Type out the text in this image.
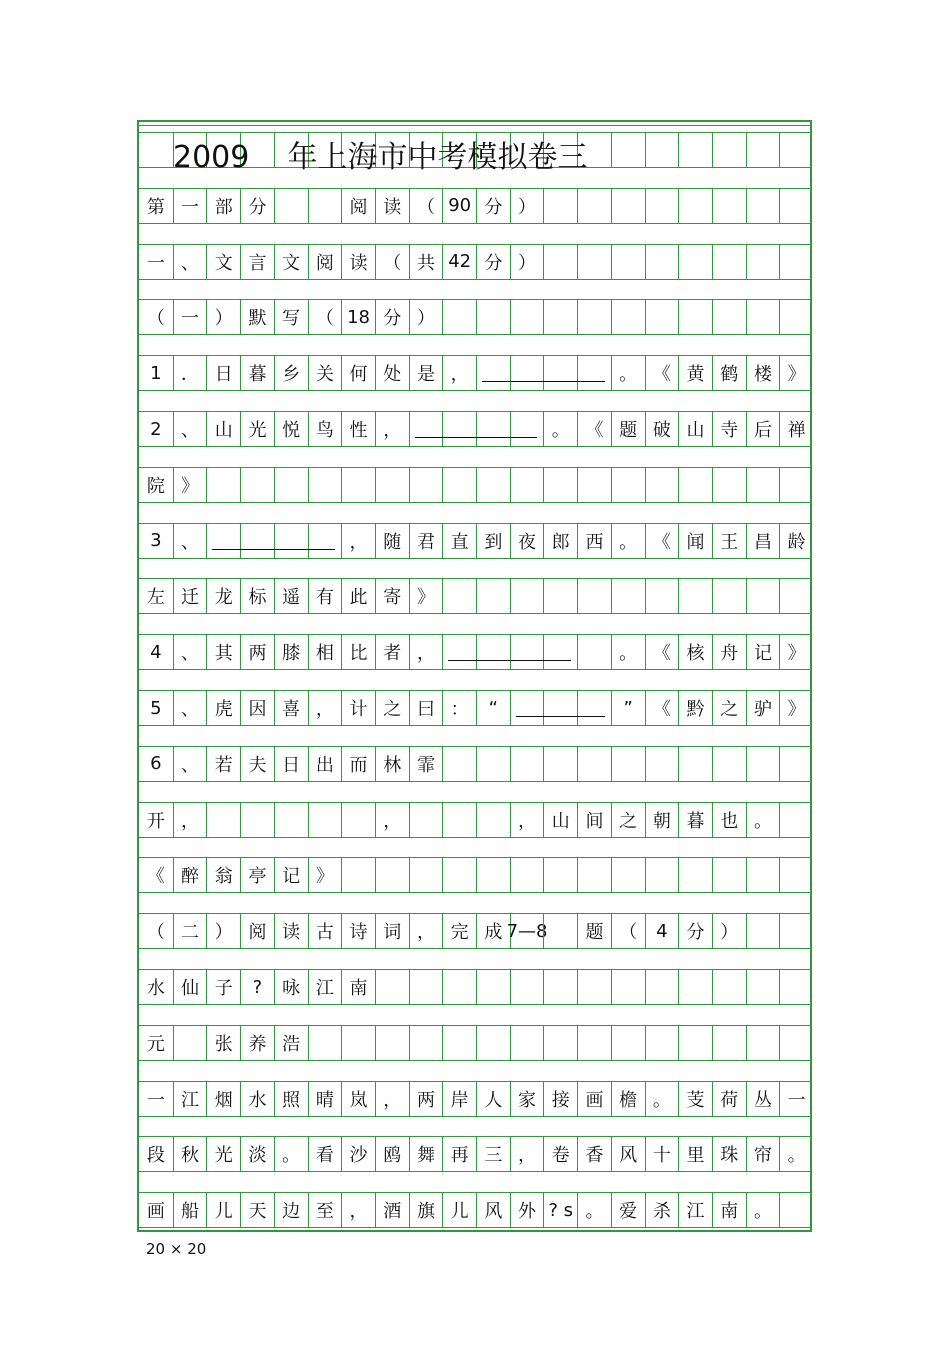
2009    年上海市中考模拟卷三
第 一 部 分	阅 读 （ 90 分 ）
一 、 文 言 文 阅 读 （ 共 42 分 ）
（ 一 ） 默 写 （ 18 分 ）
1	． 日 暮 乡 关 何 处 是 ，	。 《 黄 鹤 楼 》
2	、 山 光 悦 鸟 性 ，	。 《 题 破 山 寺 后 禅
院 》
3	、	， 随 君 直 到 夜 郎 西 。 《 闻 王 昌 龄
左 迁 龙 标 遥 有 此 寄 》
4	、 其 两 膝 相 比 者 ，	。 《 核 舟 记 》
5	、 虎 因 喜 ， 计 之 曰 ：	“	”	《 黔 之 驴 》
6	、 若 夫 日 出 而 林 霏
开 ，	，	， 山 间 之 朝 暮 也 。
《 醉 翁 亭 记 》
（ 二 ） 阅 读 古 诗 词 ， 完 成 7—8	题 （	4	分 ）
水 仙 子	?	咏 江 南
元	张 养 浩
一 江 烟 水 照 晴 岚 ， 两 岸 人 家 接 画 檐 。 芰 荷 丛 一
段 秋 光 淡 。 看 沙 鸥 舞 再 三 ， 卷 香 风 十 里 珠 帘 。
画 船 儿 天 边 至 ， 酒 旗 儿 风 外 ? s 。 爱 杀 江 南 。
20 × 20
